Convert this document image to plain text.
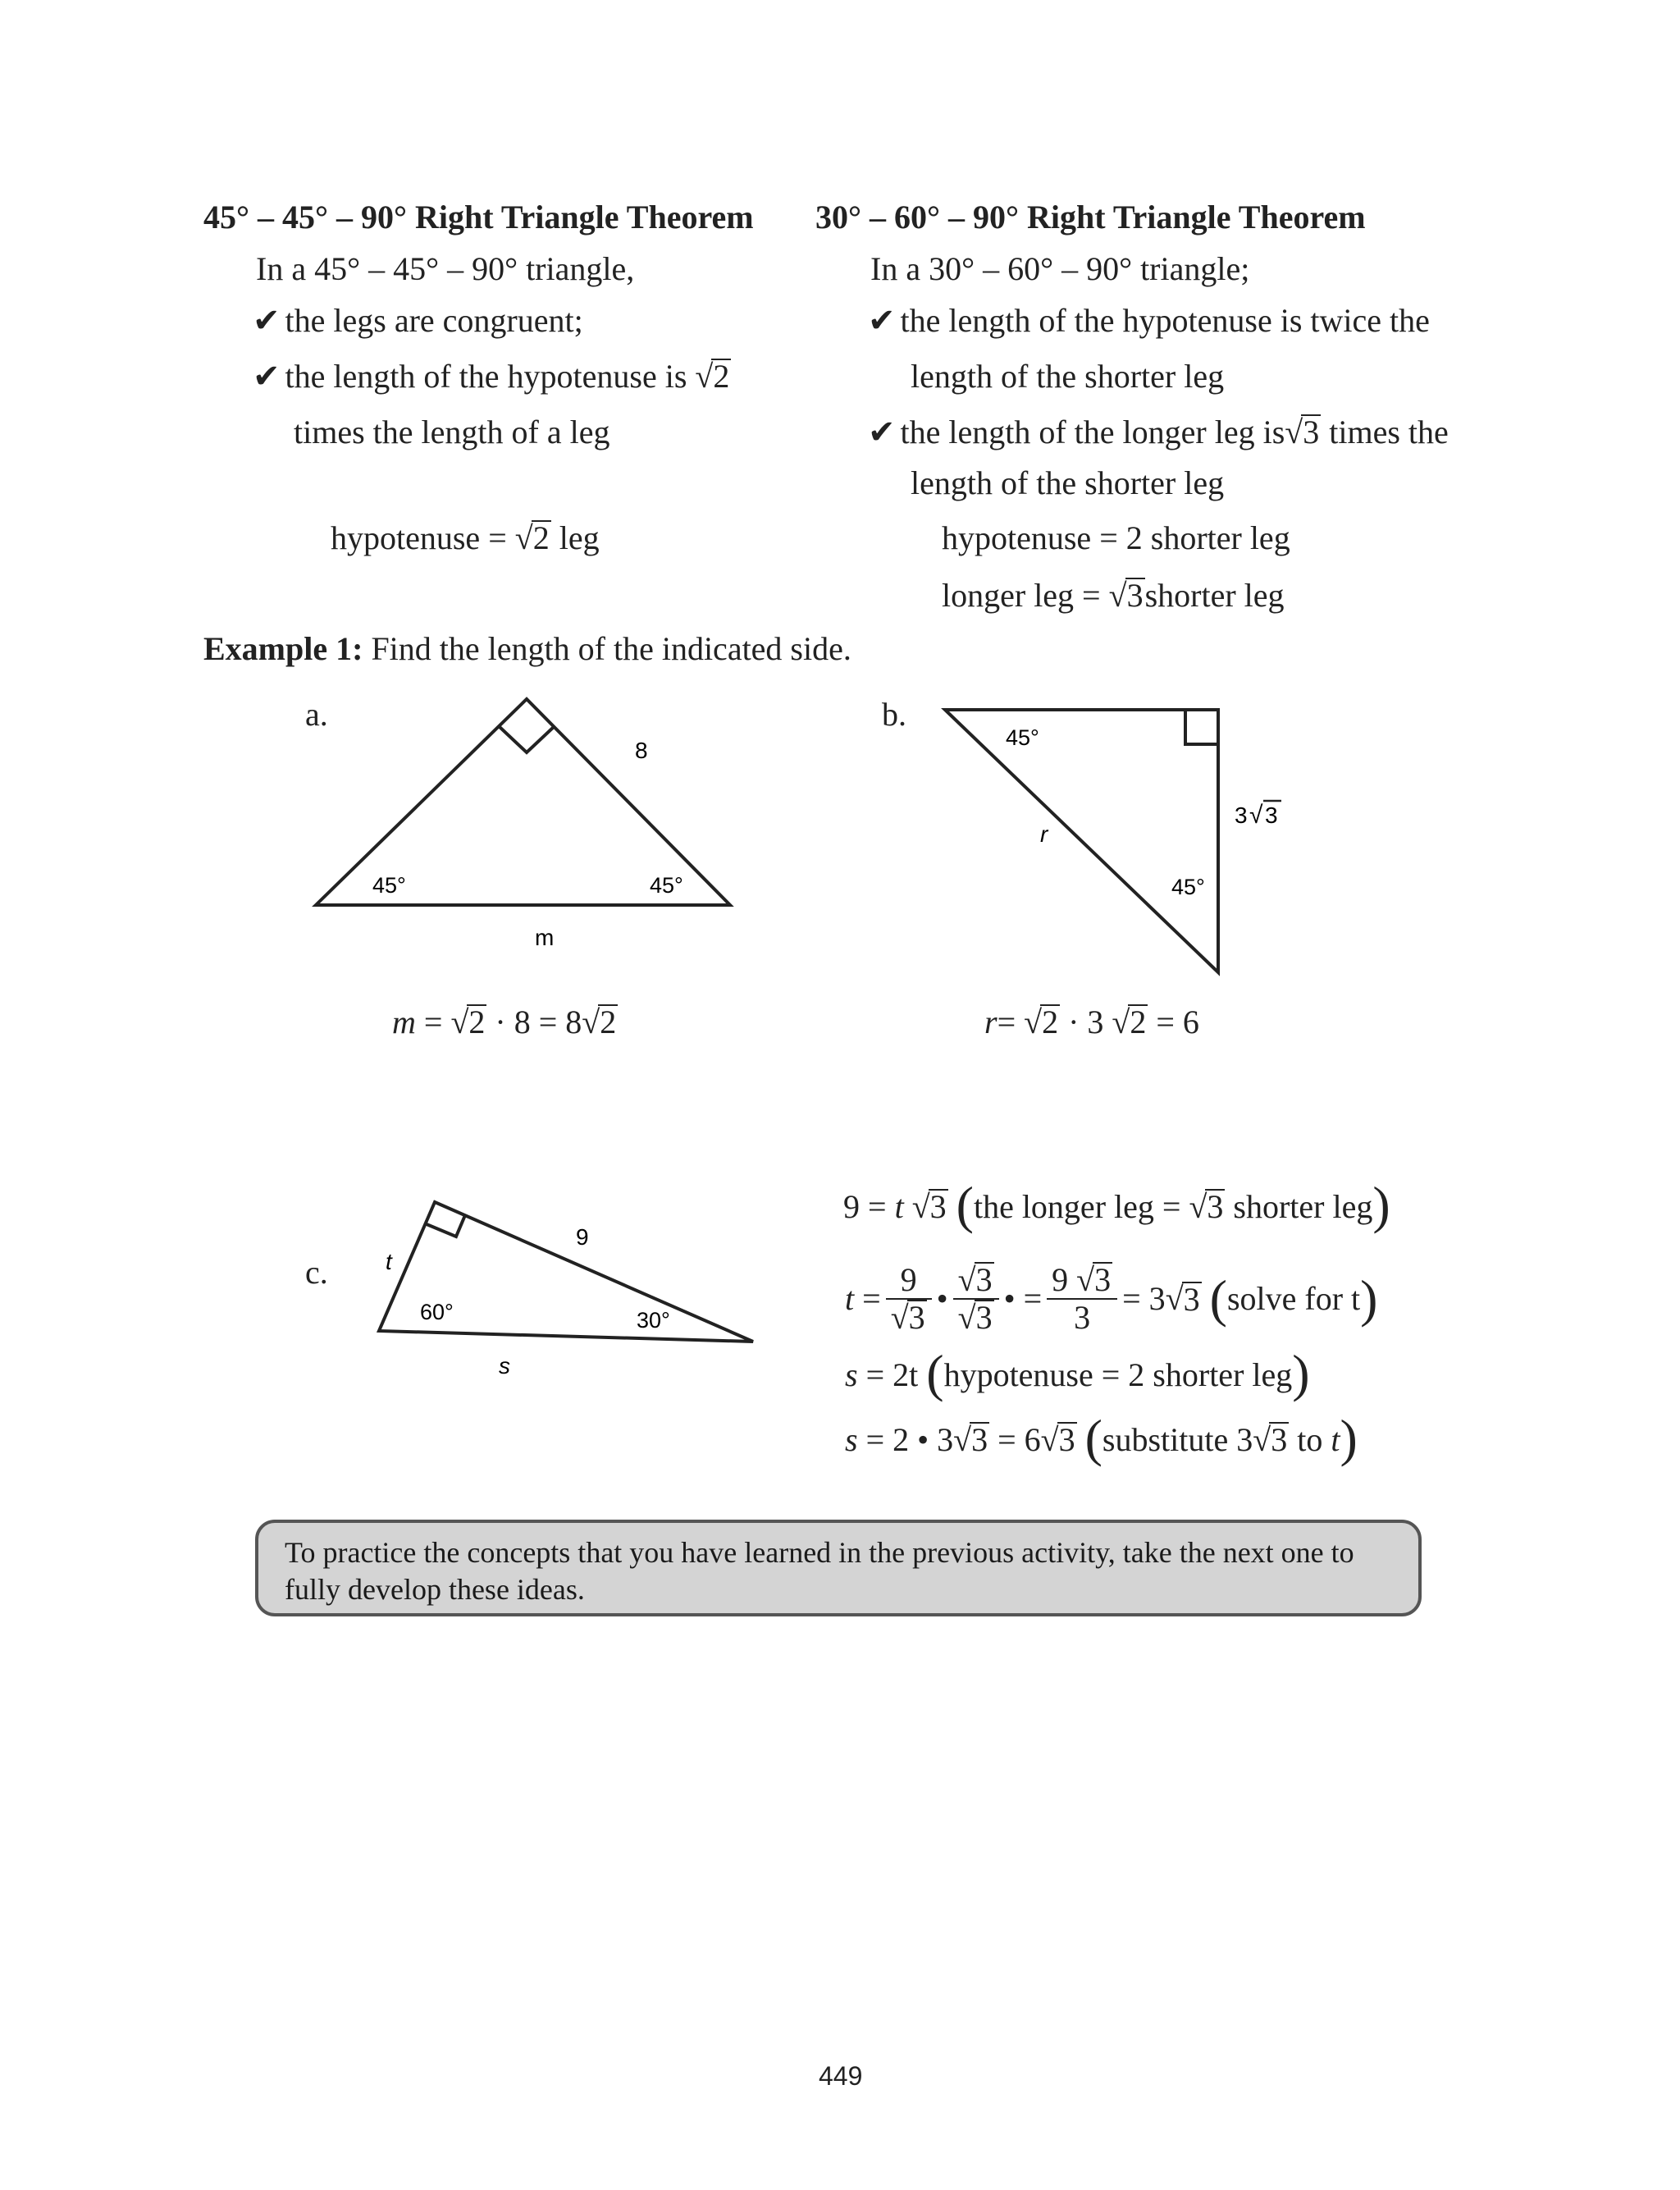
45° – 45° – 90° Right Triangle Theorem
In a 45° – 45° – 90° triangle,
✔ the legs are congruent;
✔ the length of the hypotenuse is √2
times the length of a leg
hypotenuse = √2 leg
30° – 60° – 90° Right Triangle Theorem
In a 30° – 60° – 90° triangle;
✔ the length of the hypotenuse is twice the
length of the shorter leg
✔ the length of the longer leg is√3 times the
length of the shorter leg
hypotenuse = 2 shorter leg
longer leg = √3shorter leg
Example 1: Find the length of the indicated side.
a.
45°	45°
8
m
m = √2 · 8 = 8√2
b.
45°
45°
r
3 √ 3
r= √2 · 3 √2 = 6
c.
60°	30°
9
t
s
9 = t √3 (the longer leg = √3 shorter leg)
t
= $\frac{9}{√3}$ • $\frac{√3}{√3}$ • = $\frac{9 √3}{3} = 3$ √ 3
( solve for t )
s = 2t (hypotenuse = 2 shorter leg)
s = 2 • 3√3 = 6√3 (substitute 3√3 to t)
To practice the concepts that you have learned in the previous activity, take the next one to fully develop these ideas.
449
